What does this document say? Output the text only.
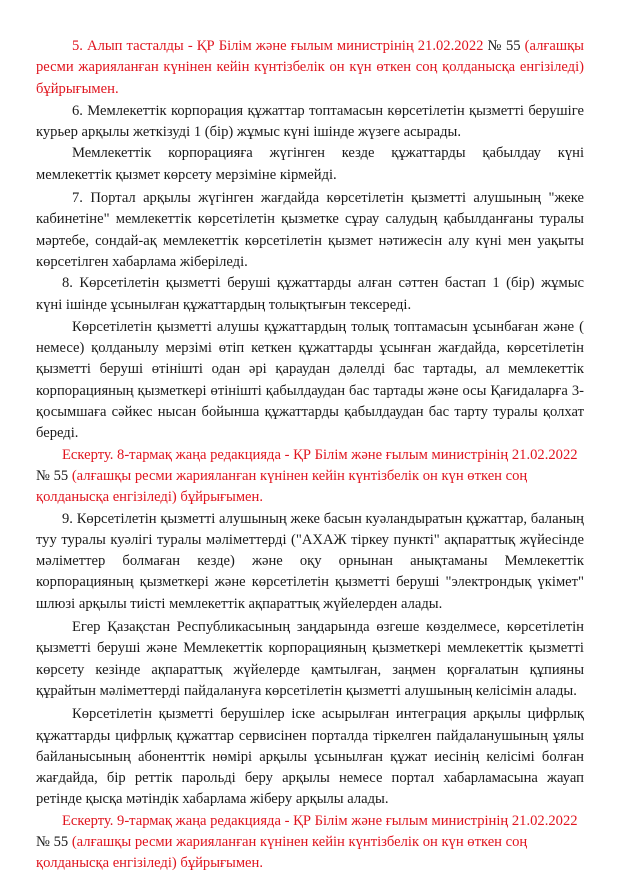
5. Алып тасталды - ҚР Білім және ғылым министрінің 21.02.2022 № 55 (алғашқы ресми жарияланған күнінен кейін күнтізбелік он күн өткен соң қолданысқа енгізіледі) бұйрығымен.

6. Мемлекеттік корпорация құжаттар топтамасын көрсетілетін қызметті берушіге курьер арқылы жеткізуді 1 (бір) жұмыс күні ішінде жүзеге асырады.

Мемлекеттік корпорацияға жүгінген кезде құжаттарды қабылдау күні мемлекеттік қызмет көрсету мерзіміне кірмейді.

7. Портал арқылы жүгінген жағдайда көрсетілетін қызметті алушының "жеке кабинетіне" мемлекеттік көрсетілетін қызметке сұрау салудың қабылданғаны туралы мәртебе, сондай-ақ мемлекеттік көрсетілетін қызмет нәтижесін алу күні мен уақыты көрсетілген хабарлама жіберіледі.

8. Көрсетілетін қызметті беруші құжаттарды алған сәттен бастап 1 (бір) жұмыс күні ішінде ұсынылған құжаттардың толықтығын тексереді.

Көрсетілетін қызметті алушы құжаттардың толық топтамасын ұсынбаған және ( немесе) қолданылу мерзімі өтіп кеткен құжаттарды ұсынған жағдайда, көрсетілетін қызметті беруші өтінішті одан әрі қараудан дәлелді бас тартады, ал мемлекеттік корпорацияның қызметкері өтінішті қабылдаудан бас тартады және осы Қағидаларға 3-қосымшаға сәйкес нысан бойынша құжаттарды қабылдаудан бас тарту туралы қолхат береді.

Ескерту. 8-тармақ жаңа редакцияда - ҚР Білім және ғылым министрінің 21.02.2022 № 55 (алғашқы ресми жарияланған күнінен кейін күнтізбелік он күн өткен соң қолданысқа енгізіледі) бұйрығымен.

9. Көрсетілетін қызметті алушының жеке басын куәландыратын құжаттар, баланың туу туралы куәлігі туралы мәліметтерді ("АХАЖ тіркеу пункті" ақпараттық жүйесінде мәліметтер болмаған кезде) және оқу орнынан анықтаманы Мемлекеттік корпорацияның қызметкері және көрсетілетін қызметті беруші "электрондық үкімет" шлюзі арқылы тиісті мемлекеттік ақпараттық жүйелерден алады.

Егер Қазақстан Республикасының заңдарында өзгеше көзделмесе, көрсетілетін қызметті беруші және Мемлекеттік корпорацияның қызметкері мемлекеттік қызметті көрсету кезінде ақпараттық жүйелерде қамтылған, заңмен қорғалатын құпияны құрайтын мәліметтерді пайдалануға көрсетілетін қызметті алушының келісімін алады.

Көрсетілетін қызметті берушілер іске асырылған интеграция арқылы цифрлық құжаттарды цифрлық құжаттар сервисінен порталда тіркелген пайдаланушының ұялы байланысының абоненттік нөмірі арқылы ұсынылған құжат иесінің келісімі болған жағдайда, бір реттік парольді беру арқылы немесе портал хабарламасына жауап ретінде қысқа мәтіндік хабарлама жіберу арқылы алады.

Ескерту. 9-тармақ жаңа редакцияда - ҚР Білім және ғылым министрінің 21.02.2022 № 55 (алғашқы ресми жарияланған күнінен кейін күнтізбелік он күн өткен соң қолданысқа енгізіледі) бұйрығымен.
